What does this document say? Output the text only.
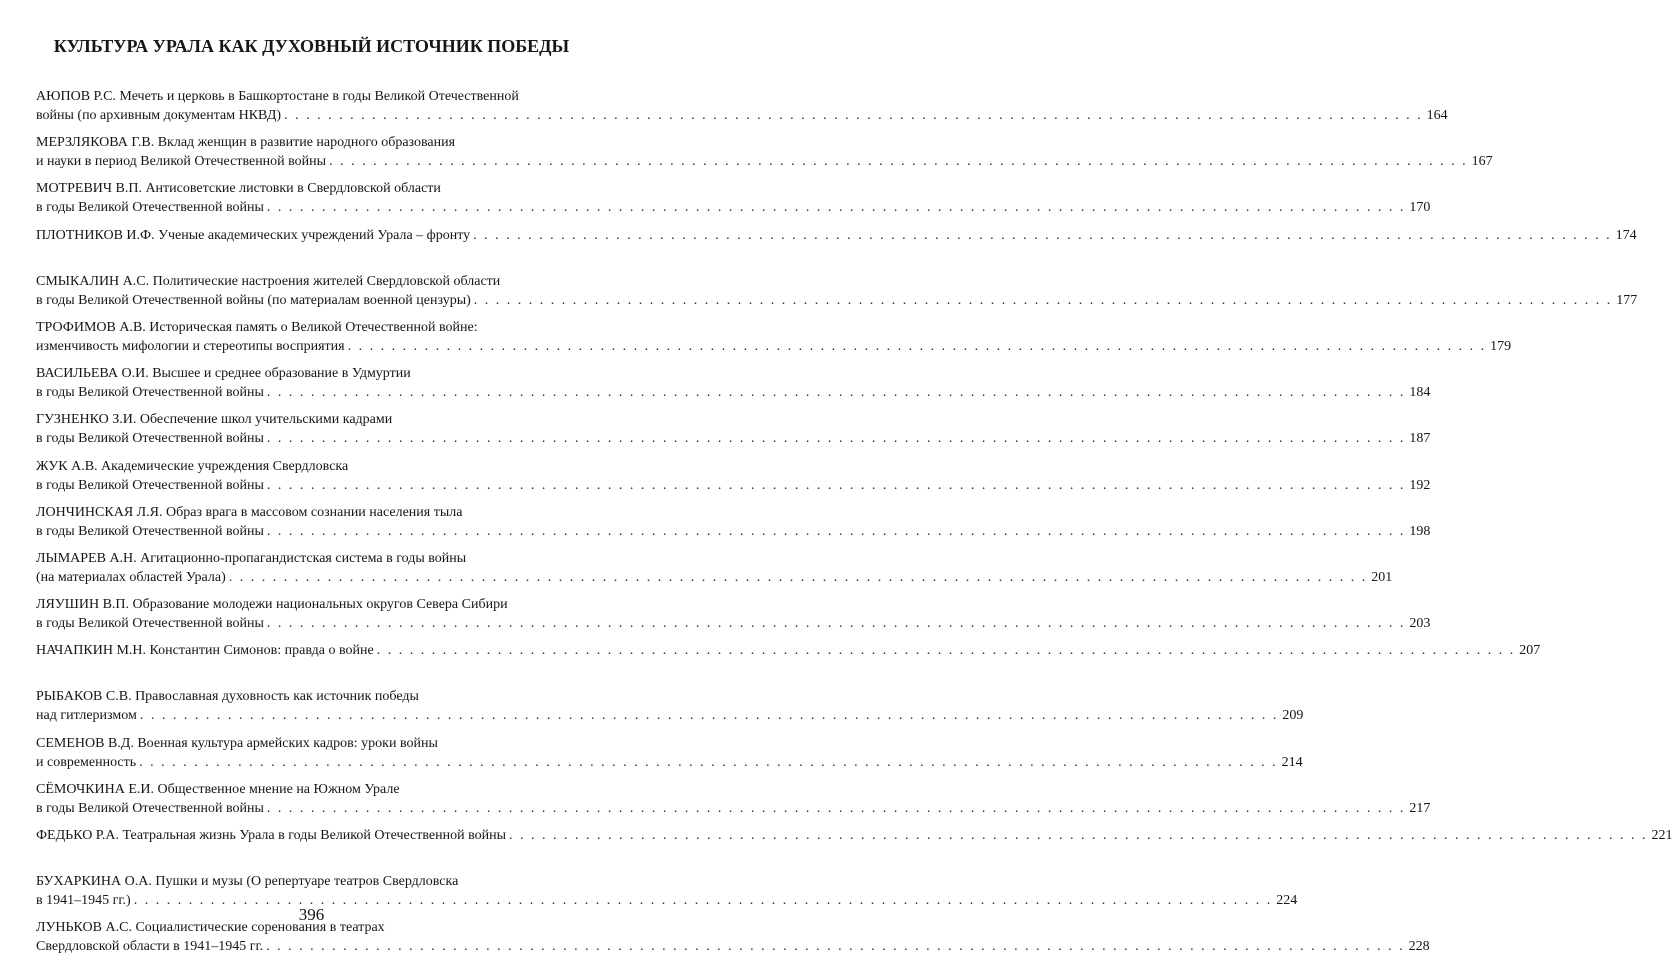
КУЛЬТУРА УРАЛА КАК ДУХОВНЫЙ ИСТОЧНИК ПОБЕДЫ
АЮПОВ Р.С. Мечеть и церковь в Башкортостане в годы Великой Отечественной
войны (по архивным документам НКВД) . . .	164
МЕРЗЛЯКОВА Г.В. Вклад женщин в развитие народного образования
и науки в период Великой Отечественной войны . . .	167
МОТРЕВИЧ В.П. Антисоветские листовки в Свердловской области
в годы Великой Отечественной войны . . .	170
ПЛОТНИКОВ И.Ф. Ученые академических учреждений Урала – фронту . . .	174
СМЫКАЛИН А.С. Политические настроения жителей Свердловской области
в годы Великой Отечественной войны (по материалам военной цензуры) . . .	177
ТРОФИМОВ А.В. Историческая память о Великой Отечественной войне:
изменчивость мифологии и стереотипы восприятия . . .	179
ВАСИЛЬЕВА О.И. Высшее и среднее образование в Удмуртии
в годы Великой Отечественной войны . . .	184
ГУЗНЕНКО З.И. Обеспечение школ учительскими кадрами
в годы Великой Отечественной войны . . .	187
ЖУК А.В. Академические учреждения Свердловска
в годы Великой Отечественной войны . . .	192
ЛОНЧИНСКАЯ Л.Я. Образ врага в массовом сознании населения тыла
в годы Великой Отечественной войны . . .	198
ЛЫМАРЕВ А.Н. Агитационно-пропагандистская система в годы войны
(на материалах областей Урала) . . .	201
ЛЯУШИН В.П. Образование молодежи национальных округов Севера Сибири
в годы Великой Отечественной войны . . .	203
НАЧАПКИН М.Н. Константин Симонов: правда о войне . . .	207
РЫБАКОВ С.В. Православная духовность как источник победы
над гитлеризмом . . .	209
СЕМЕНОВ В.Д. Военная культура армейских кадров: уроки войны
и современность . . .	214
СЁМОЧКИНА Е.И. Общественное мнение на Южном Урале
в годы Великой Отечественной войны . . .	217
ФЕДЬКО Р.А. Театральная жизнь Урала в годы Великой Отечественной войны . . .	221
БУХАРКИНА О.А. Пушки и музы (О репертуаре театров Свердловска
в 1941–1945 гг.) . . .	224
ЛУНЬКОВ А.С. Социалистические соренования в театрах
Свердловской области в 1941–1945 гг. . . .	228
396
